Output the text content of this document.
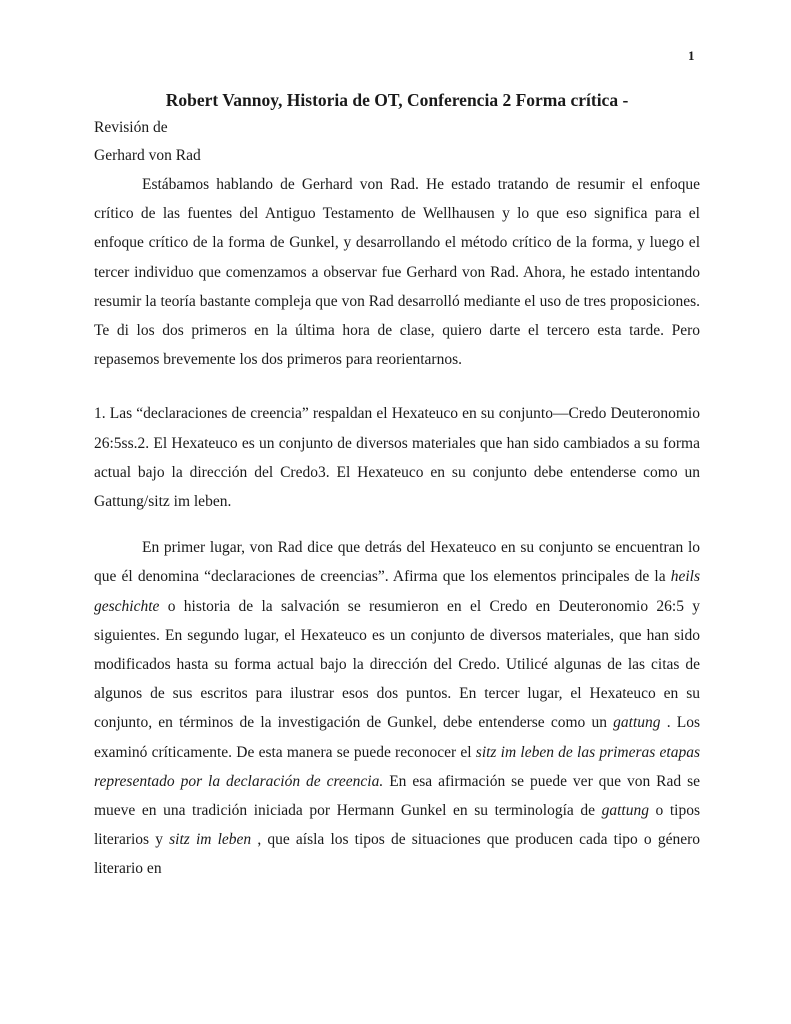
1
Robert Vannoy, Historia de OT, Conferencia 2 Forma crítica -
Revisión de
Gerhard von Rad

Estábamos hablando de Gerhard von Rad. He estado tratando de resumir el enfoque crítico de las fuentes del Antiguo Testamento de Wellhausen y lo que eso significa para el enfoque crítico de la forma de Gunkel, y desarrollando el método crítico de la forma, y luego el tercer individuo que comenzamos a observar fue Gerhard von Rad. Ahora, he estado intentando resumir la teoría bastante compleja que von Rad desarrolló mediante el uso de tres proposiciones. Te di los dos primeros en la última hora de clase, quiero darte el tercero esta tarde. Pero repasemos brevemente los dos primeros para reorientarnos.

1. Las “declaraciones de creencia” respaldan el Hexateuco en su conjunto—Credo Deuteronomio 26:5ss.2. El Hexateuco es un conjunto de diversos materiales que han sido cambiados a su forma actual bajo la dirección del Credo3. El Hexateuco en su conjunto debe entenderse como un Gattung/sitz im leben.

En primer lugar, von Rad dice que detrás del Hexateuco en su conjunto se encuentran lo que él denomina “declaraciones de creencias”. Afirma que los elementos principales de la heils geschichte o historia de la salvación se resumieron en el Credo en Deuteronomio 26:5 y siguientes. En segundo lugar, el Hexateuco es un conjunto de diversos materiales, que han sido modificados hasta su forma actual bajo la dirección del Credo. Utilicé algunas de las citas de algunos de sus escritos para ilustrar esos dos puntos. En tercer lugar, el Hexateuco en su conjunto, en términos de la investigación de Gunkel, debe entenderse como un gattung . Los examinó críticamente. De esta manera se puede reconocer el sitz im leben de las primeras etapas representado por la declaración de creencia. En esa afirmación se puede ver que von Rad se mueve en una tradición iniciada por Hermann Gunkel en su terminología de gattung o tipos literarios y sitz im leben , que aísla los tipos de situaciones que producen cada tipo o género literario en
